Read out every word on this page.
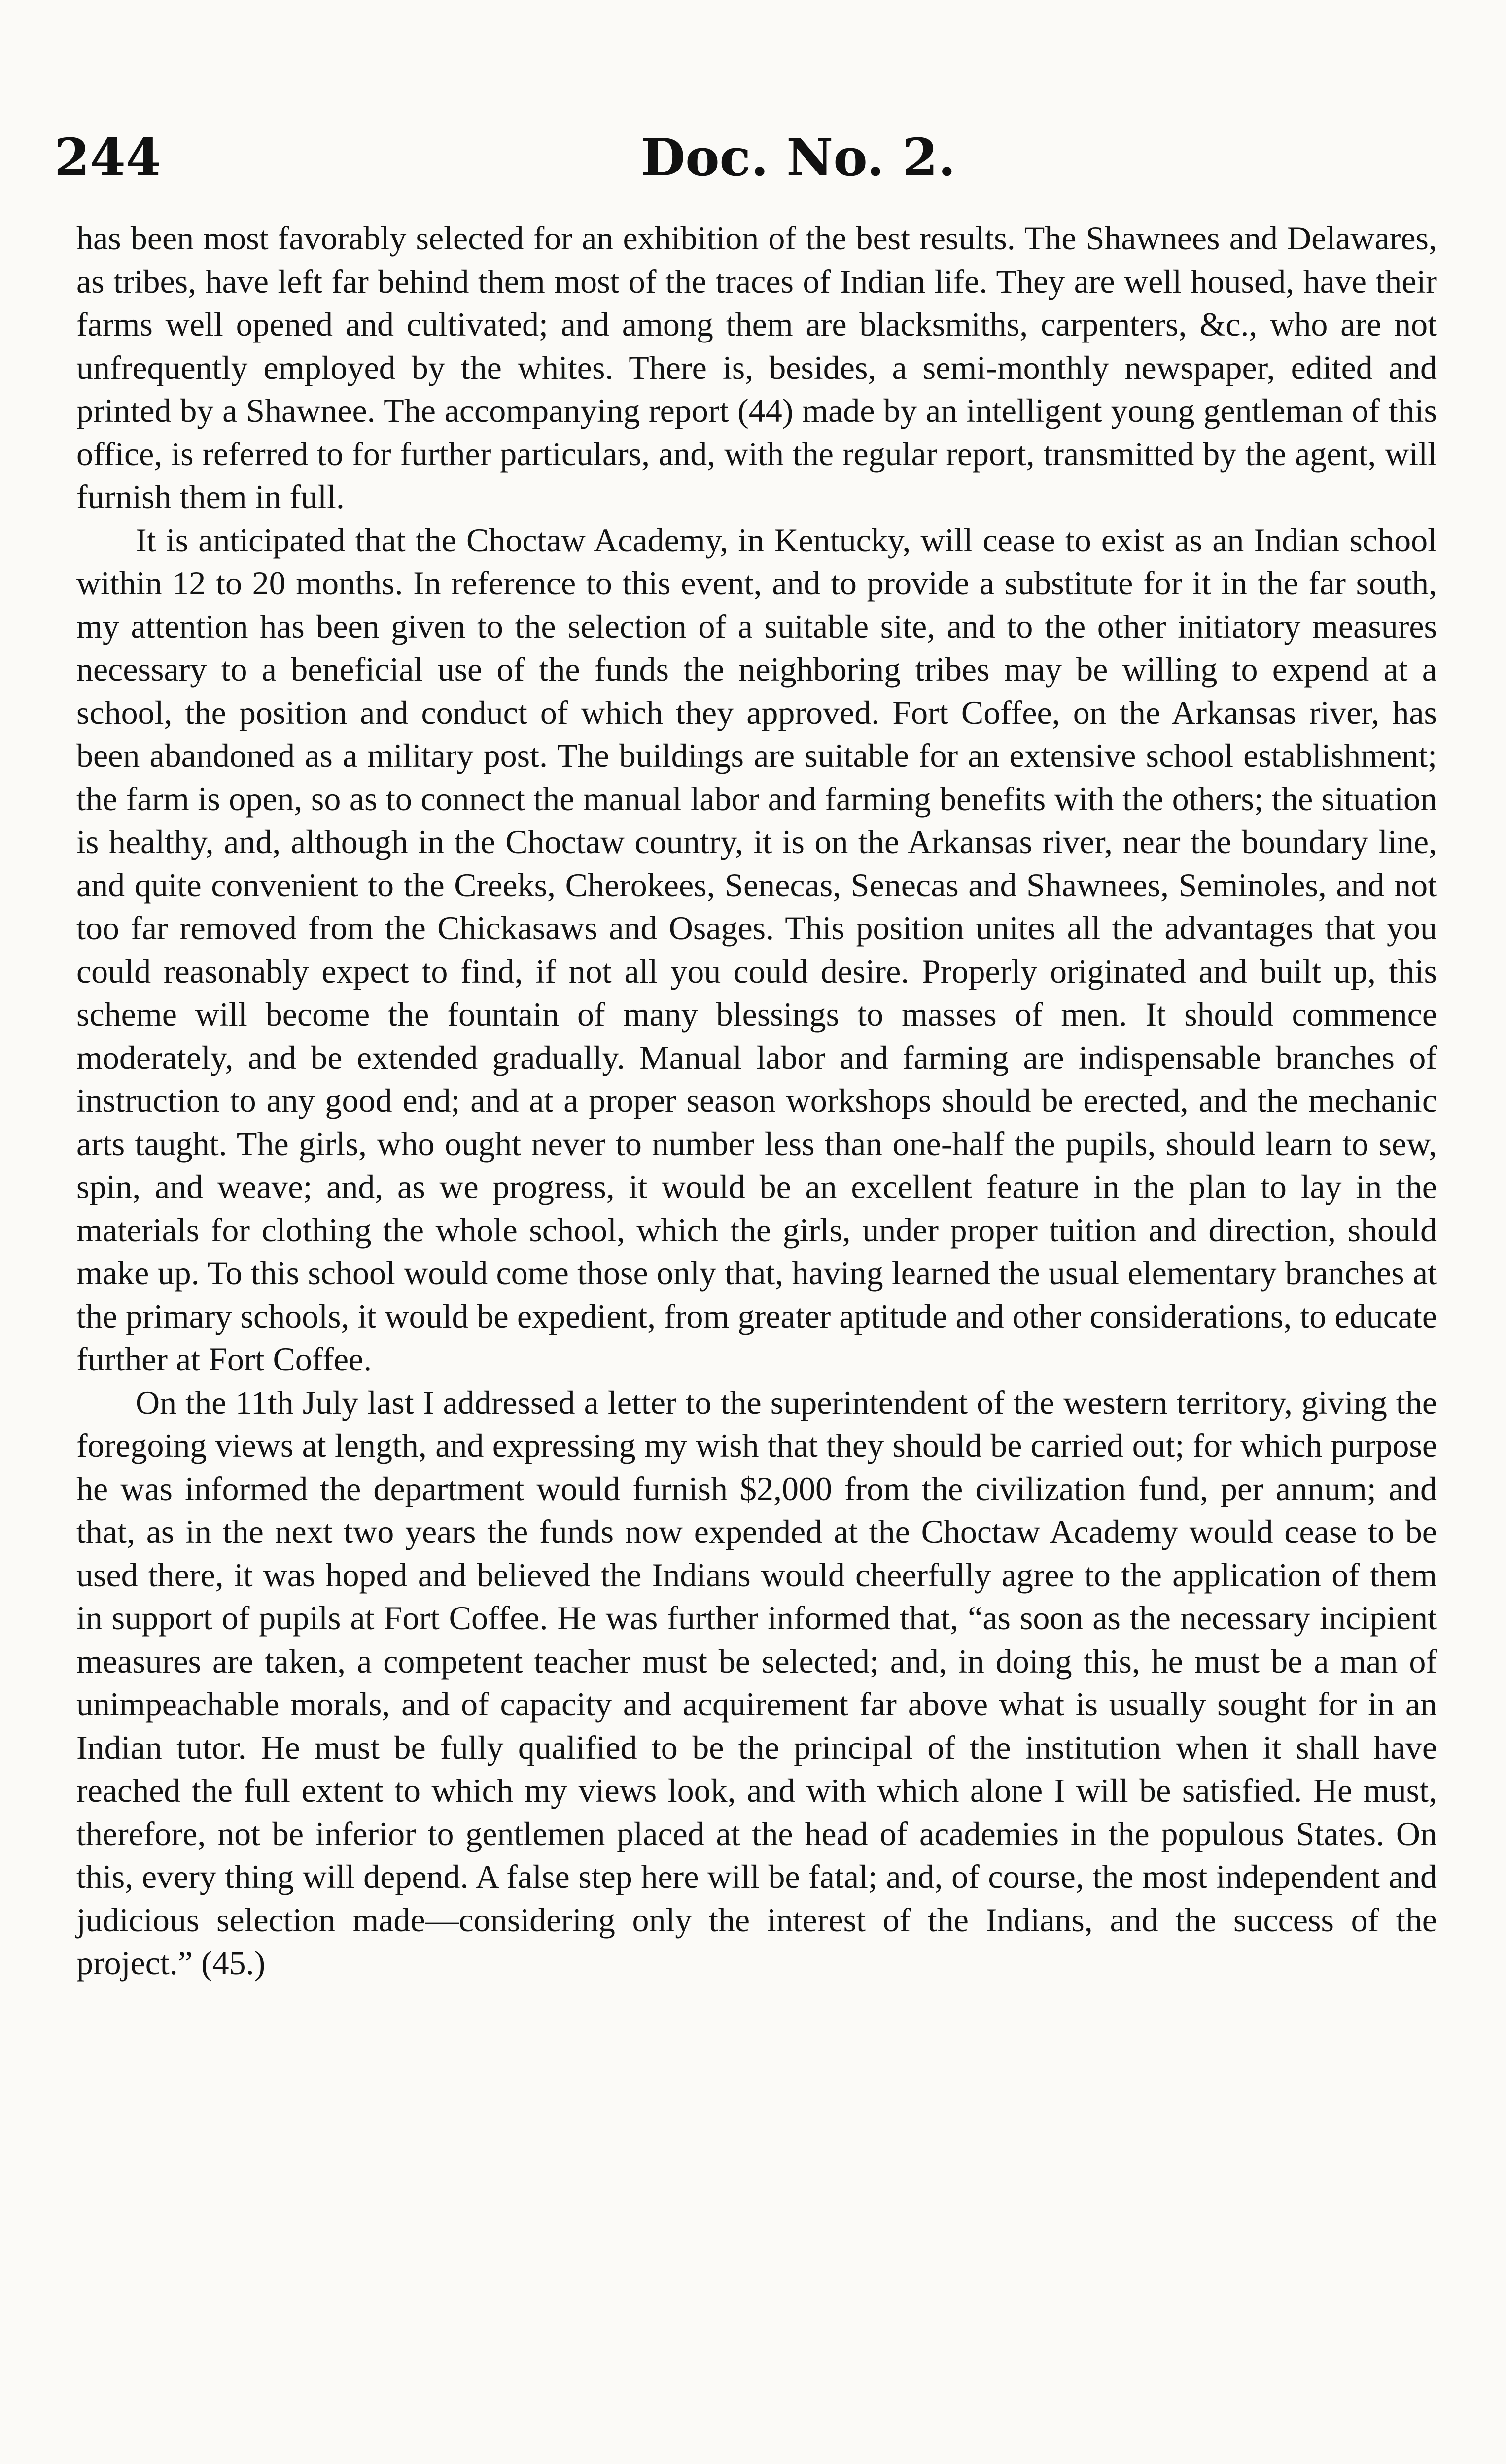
244	Doc. No. 2.

has been most favorably selected for an exhibition of the best results. The Shawnees and Delawares, as tribes, have left far behind them most of the traces of Indian life. They are well housed, have their farms well opened and cultivated; and among them are blacksmiths, carpenters, &c., who are not unfrequently employed by the whites. There is, besides, a semi-monthly newspaper, edited and printed by a Shawnee. The accompanying report (44) made by an intelligent young gentleman of this office, is referred to for further particulars, and, with the regular report, transmitted by the agent, will furnish them in full.

It is anticipated that the Choctaw Academy, in Kentucky, will cease to exist as an Indian school within 12 to 20 months. In reference to this event, and to provide a substitute for it in the far south, my attention has been given to the selection of a suitable site, and to the other initiatory measures necessary to a beneficial use of the funds the neighboring tribes may be willing to expend at a school, the position and conduct of which they approved. Fort Coffee, on the Arkansas river, has been abandoned as a military post. The buildings are suitable for an extensive school establishment; the farm is open, so as to connect the manual labor and farming benefits with the others; the situation is healthy, and, although in the Choctaw country, it is on the Arkansas river, near the boundary line, and quite convenient to the Creeks, Cherokees, Senecas, Senecas and Shawnees, Seminoles, and not too far removed from the Chickasaws and Osages. This position unites all the advantages that you could reasonably expect to find, if not all you could desire. Properly originated and built up, this scheme will become the fountain of many blessings to masses of men. It should commence moderately, and be extended gradually. Manual labor and farming are indispensable branches of instruction to any good end; and at a proper season workshops should be erected, and the mechanic arts taught. The girls, who ought never to number less than one-half the pupils, should learn to sew, spin, and weave; and, as we progress, it would be an excellent feature in the plan to lay in the materials for clothing the whole school, which the girls, under proper tuition and direction, should make up. To this school would come those only that, having learned the usual elementary branches at the primary schools, it would be expedient, from greater aptitude and other considerations, to educate further at Fort Coffee.

On the 11th July last I addressed a letter to the superintendent of the western territory, giving the foregoing views at length, and expressing my wish that they should be carried out; for which purpose he was informed the department would furnish $2,000 from the civilization fund, per annum; and that, as in the next two years the funds now expended at the Choctaw Academy would cease to be used there, it was hoped and believed the Indians would cheerfully agree to the application of them in support of pupils at Fort Coffee. He was further informed that, “as soon as the necessary incipient measures are taken, a competent teacher must be selected; and, in doing this, he must be a man of unimpeachable morals, and of capacity and acquirement far above what is usually sought for in an Indian tutor. He must be fully qualified to be the principal of the institution when it shall have reached the full extent to which my views look, and with which alone I will be satisfied. He must, therefore, not be inferior to gentlemen placed at the head of academies in the populous States. On this, every thing will depend. A false step here will be fatal; and, of course, the most independent and judicious selection made—considering only the interest of the Indians, and the success of the project.” (45.)
